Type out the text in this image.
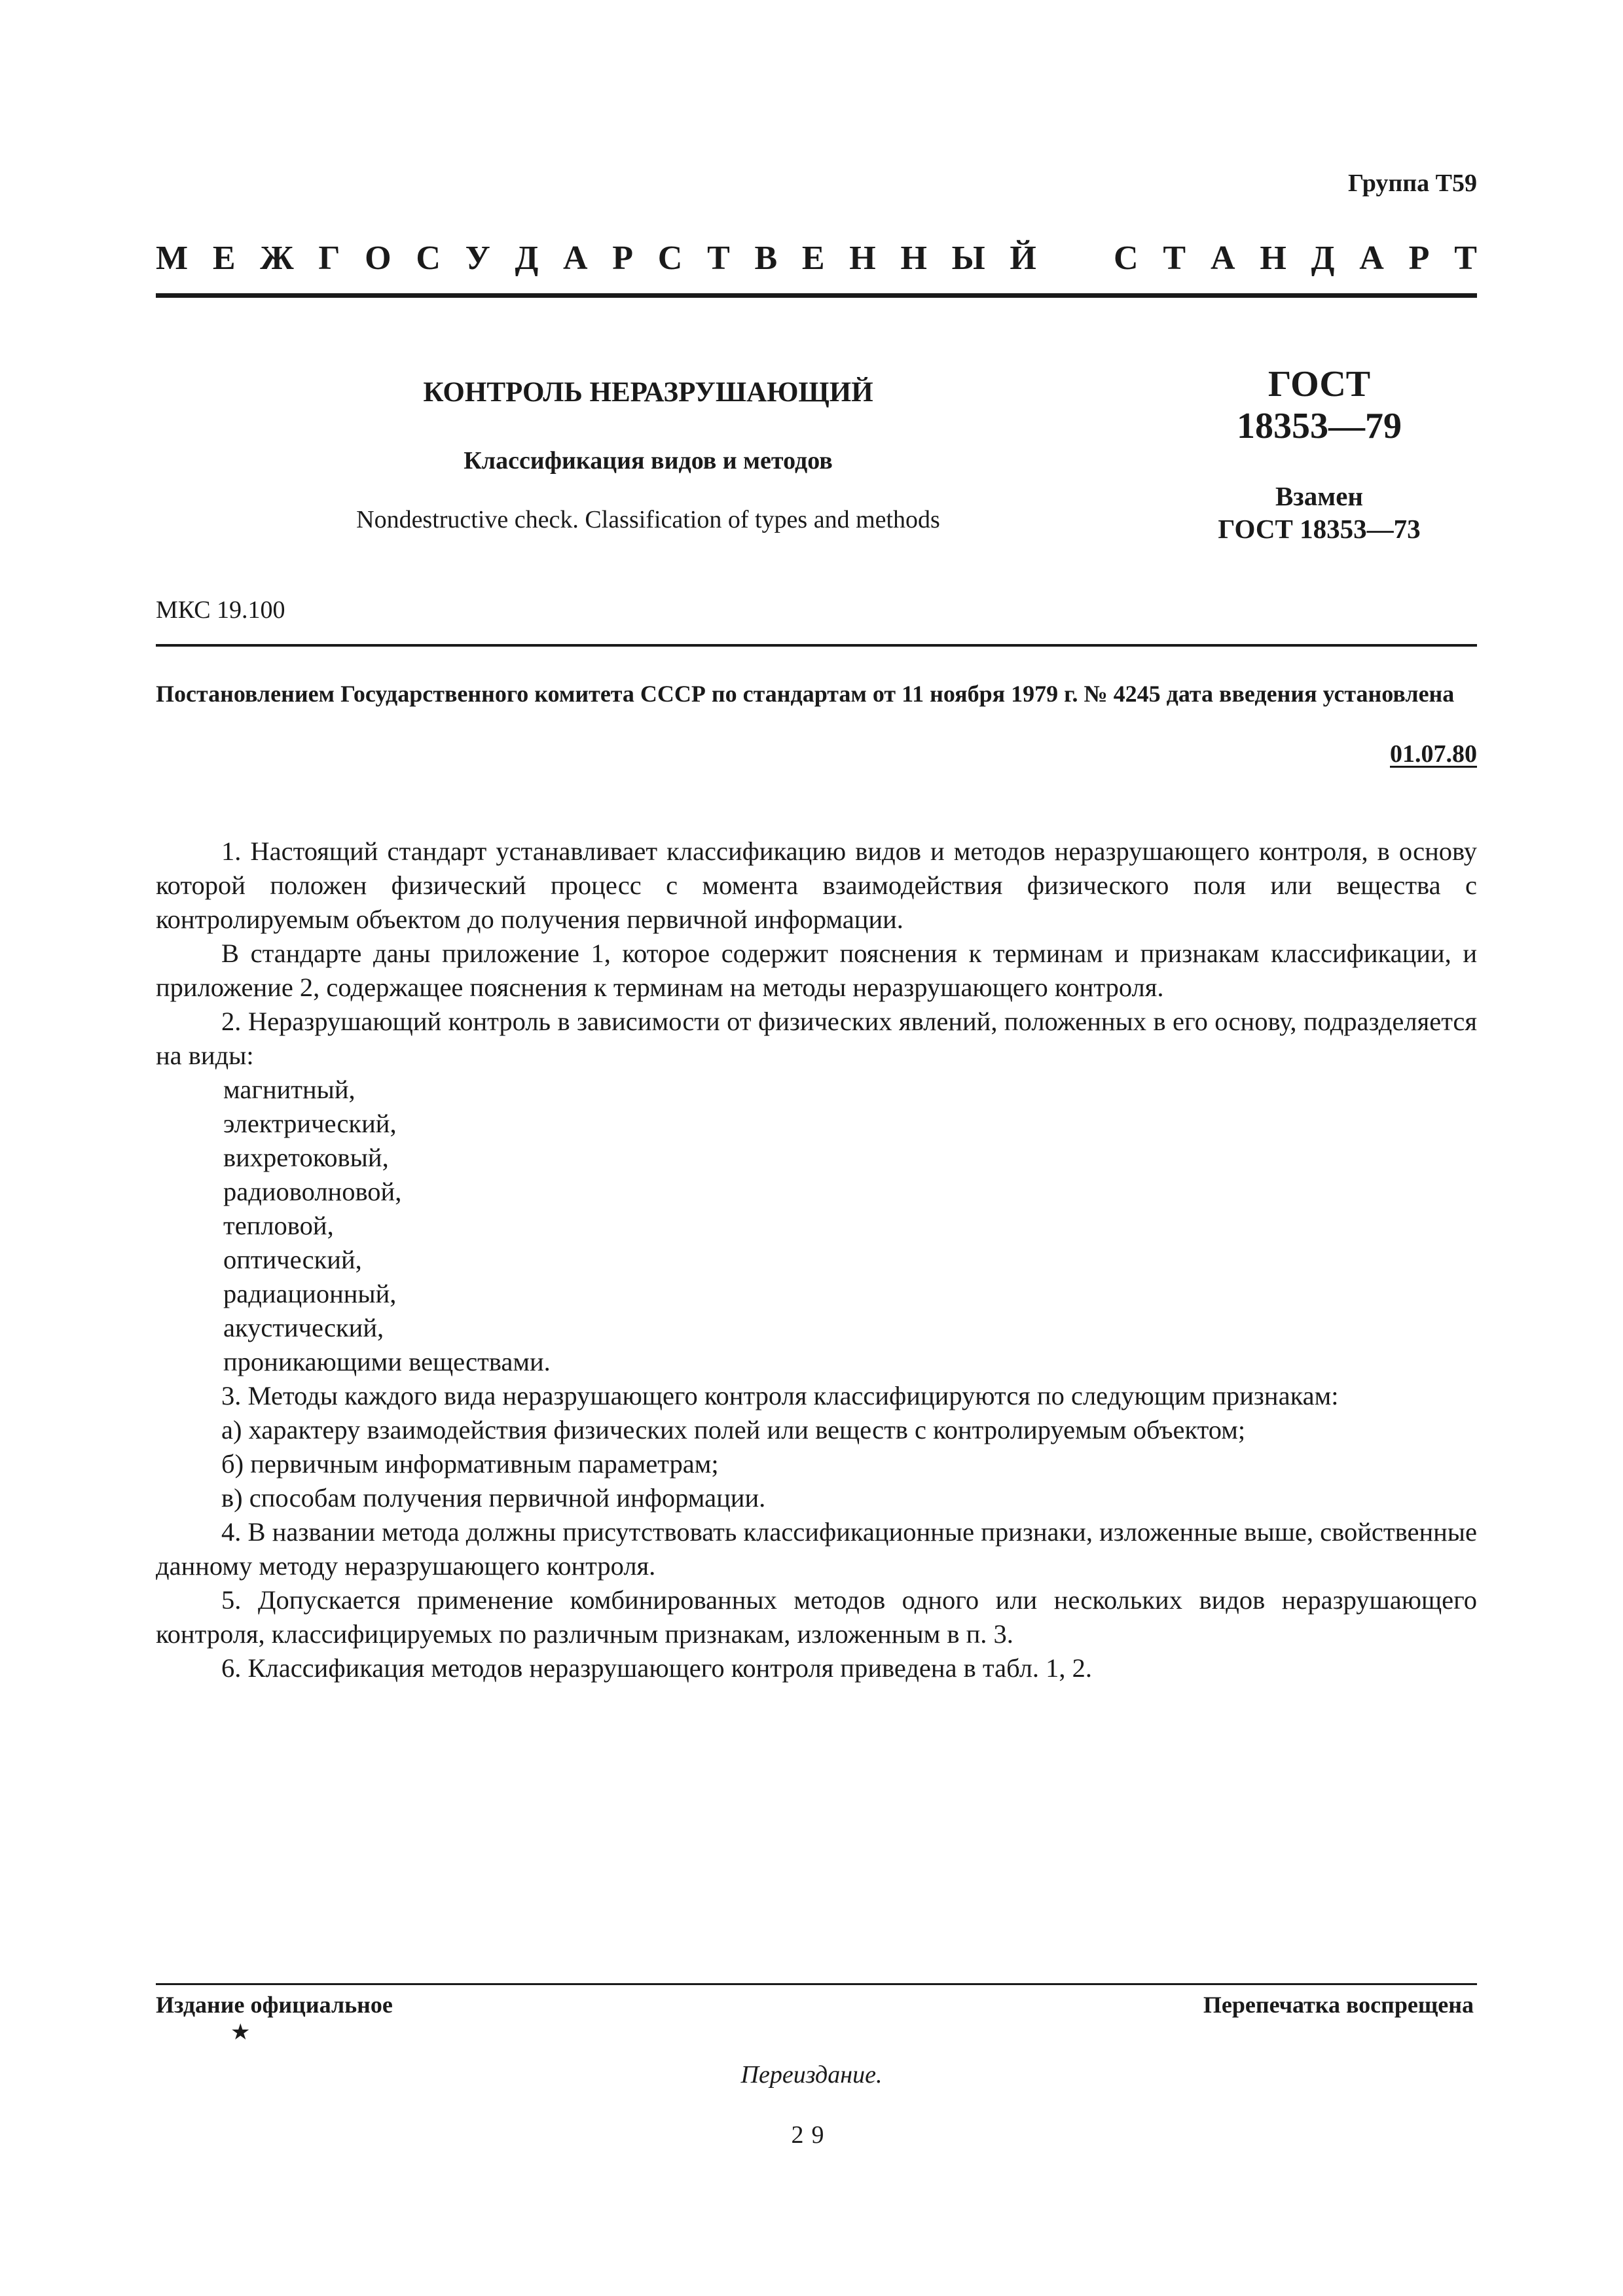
Группа Т59
М Е Ж Г О С У Д А Р С Т В Е Н Н Ы Й С Т А Н Д А Р Т
КОНТРОЛЬ НЕРАЗРУШАЮЩИЙ
Классификация видов и методов
Nondestructive check. Classification of types and methods
ГОСТ
18353—79
Взамен
ГОСТ 18353—73
МКС 19.100
Постановлением Государственного комитета СССР по стандартам от 11 ноября 1979 г. № 4245 дата введения установлена
01.07.80

1. Настоящий стандарт устанавливает классификацию видов и методов неразрушающего контроля, в основу которой положен физический процесс с момента взаимодействия физического поля или вещества с контролируемым объектом до получения первичной информации.

В стандарте даны приложение 1, которое содержит пояснения к терминам и признакам классификации, и приложение 2, содержащее пояснения к терминам на методы неразрушающего контроля.

2. Неразрушающий контроль в зависимости от физических явлений, положенных в его основу, подразделяется на виды:

магнитный,
электрический,
вихретоковый,
радиоволновой,
тепловой,
оптический,
радиационный,
акустический,
проникающими веществами.

3. Методы каждого вида неразрушающего контроля классифицируются по следующим признакам:

а) характеру взаимодействия физических полей или веществ с контролируемым объектом;
б) первичным информативным параметрам;
в) способам получения первичной информации.

4. В названии метода должны присутствовать классификационные признаки, изложенные выше, свойственные данному методу неразрушающего контроля.

5. Допускается применение комбинированных методов одного или нескольких видов неразрушающего контроля, классифицируемых по различным признакам, изложенным в п. 3.

6. Классификация методов неразрушающего контроля приведена в табл. 1, 2.

Издание официальное
★
Перепечатка воспрещена
Переиздание.
29
